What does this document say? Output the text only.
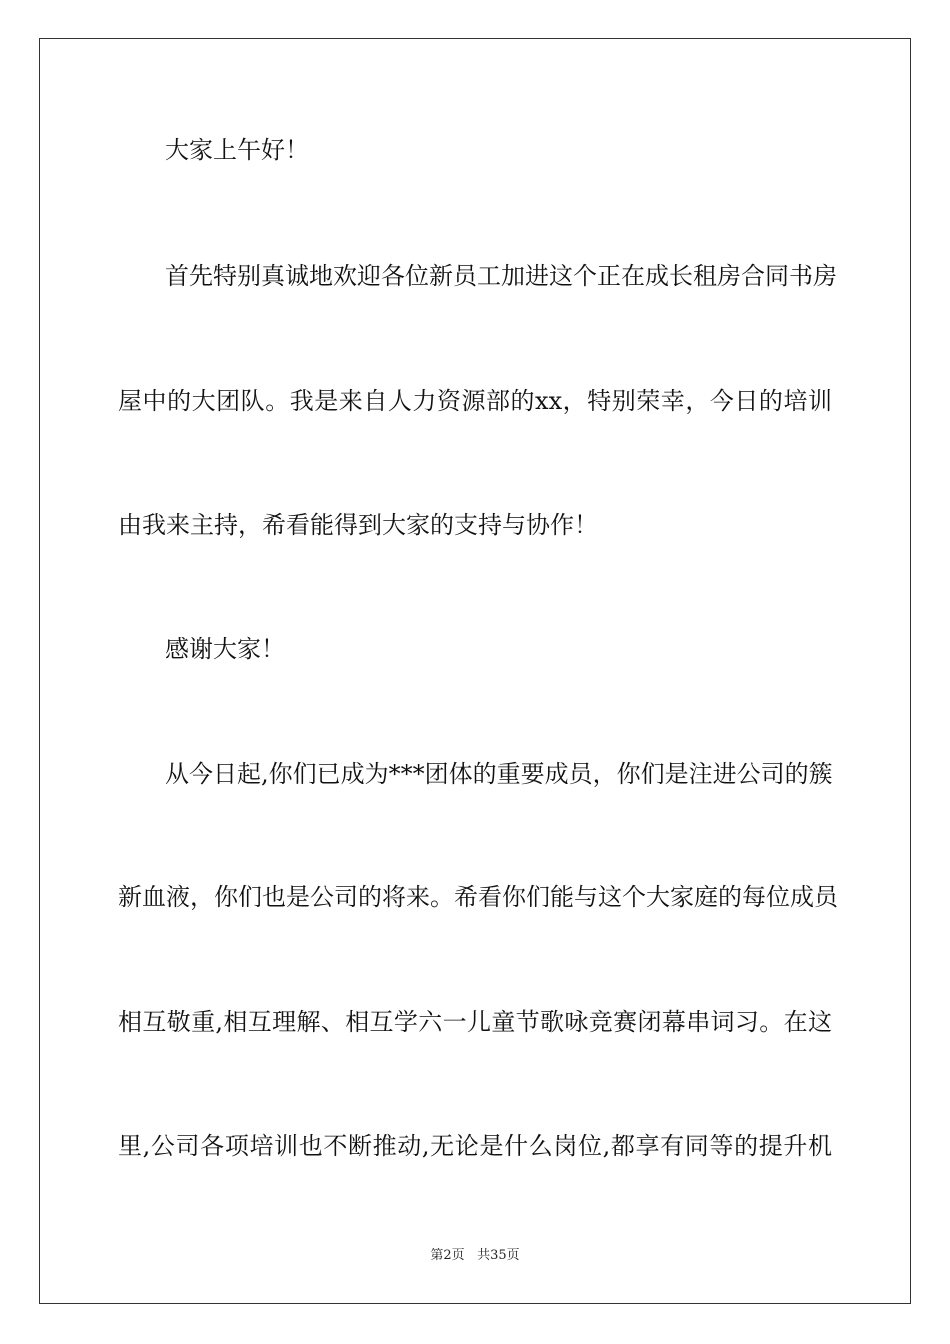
大家上午好！
首先特别真诚地欢迎各位新员工加进这个正在成长租房合同书房
屋中的大团队。我是来自人力资源部的xx，特别荣幸，今日的培训
由我来主持，希看能得到大家的支持与协作！
感谢大家！
从今日起,你们已成为***团体的重要成员，你们是注进公司的簇
新血液，你们也是公司的将来。希看你们能与这个大家庭的每位成员
相互敬重,相互理解、相互学六一儿童节歌咏竞赛闭幕串词习。在这
里,公司各项培训也不断推动,无论是什么岗位,都享有同等的提升机
第2页 共35页
